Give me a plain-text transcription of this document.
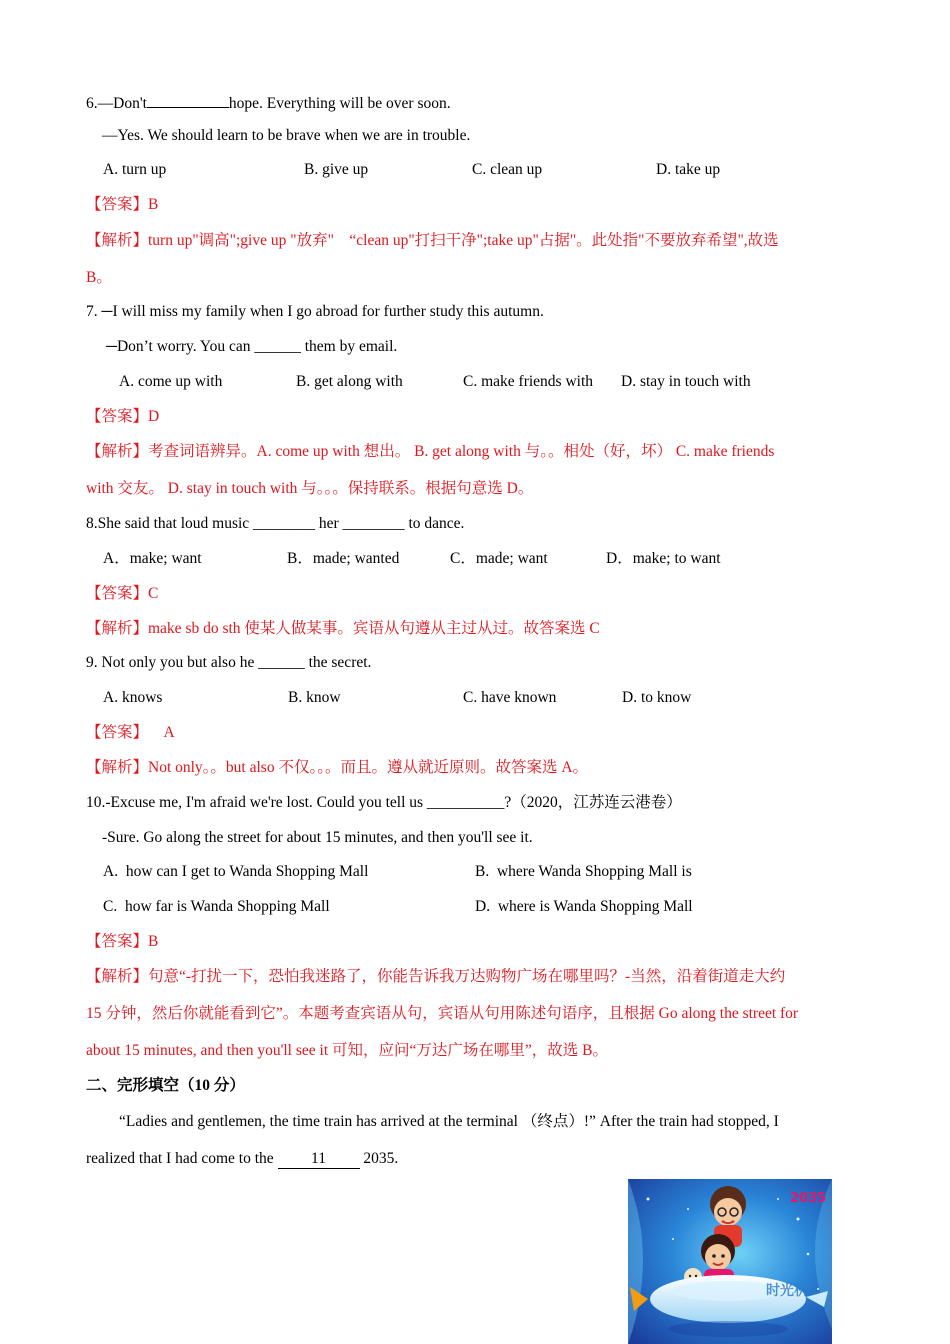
6.—Don't	hope. Everything will be over soon.
—Yes. We should learn to be brave when we are in trouble.
A. turn up	B. give up	C. clean up	D. take up
【答案】B
【解析】turn up"调高";give up "放弃"　“clean up"打扫干净";take up"占据"。此处指"不要放弃希望",故选
B。
7. ─I will miss my family when I go abroad for further study this autumn.
─Don’t worry. You can ______ them by email.
A. come up with	B. get along with	C. make friends with D. stay in touch with
【答案】D
【解析】考查词语辨异。A. come up with 想出。 B. get along with 与。。相处（好，坏） C. make friends
with 交友。 D. stay in touch with 与。。。保持联系。根据句意选 D。
8.She said that loud music ________ her ________ to dance.
A．make; want	B．made; wanted	C．made; want	D．make; to want
【答案】C
【解析】make sb do sth 使某人做某事。宾语从句遵从主过从过。故答案选 C
9. Not only you but also he ______ the secret.
A. knows	B. know	C. have known	D. to know
【答案】    A
【解析】Not only。。but also 不仅。。。而且。遵从就近原则。故答案选 A。
10.-Excuse me, I'm afraid we're lost. Could you tell us __________?（2020，江苏连云港卷）
-Sure. Go along the street for about 15 minutes, and then you'll see it.
A.  how can I get to Wanda Shopping Mall	B.  where Wanda Shopping Mall is
C.  how far is Wanda Shopping Mall	D.  where is Wanda Shopping Mall
【答案】B
【解析】句意“-打扰一下，恐怕我迷路了，你能告诉我万达购物广场在哪里吗？-当然，沿着街道走大约
15 分钟，然后你就能看到它”。本题考查宾语从句，宾语从句用陈述句语序，且根据 Go along the street for
about 15 minutes, and then you'll see it 可知，应问“万达广场在哪里”，故选 B。
二、完形填空（10 分）
“Ladies and gentlemen, the time train has arrived at the terminal （终点）!” After the train had stopped, I
realized that I had come to the 11 2035.
2035
时光机
